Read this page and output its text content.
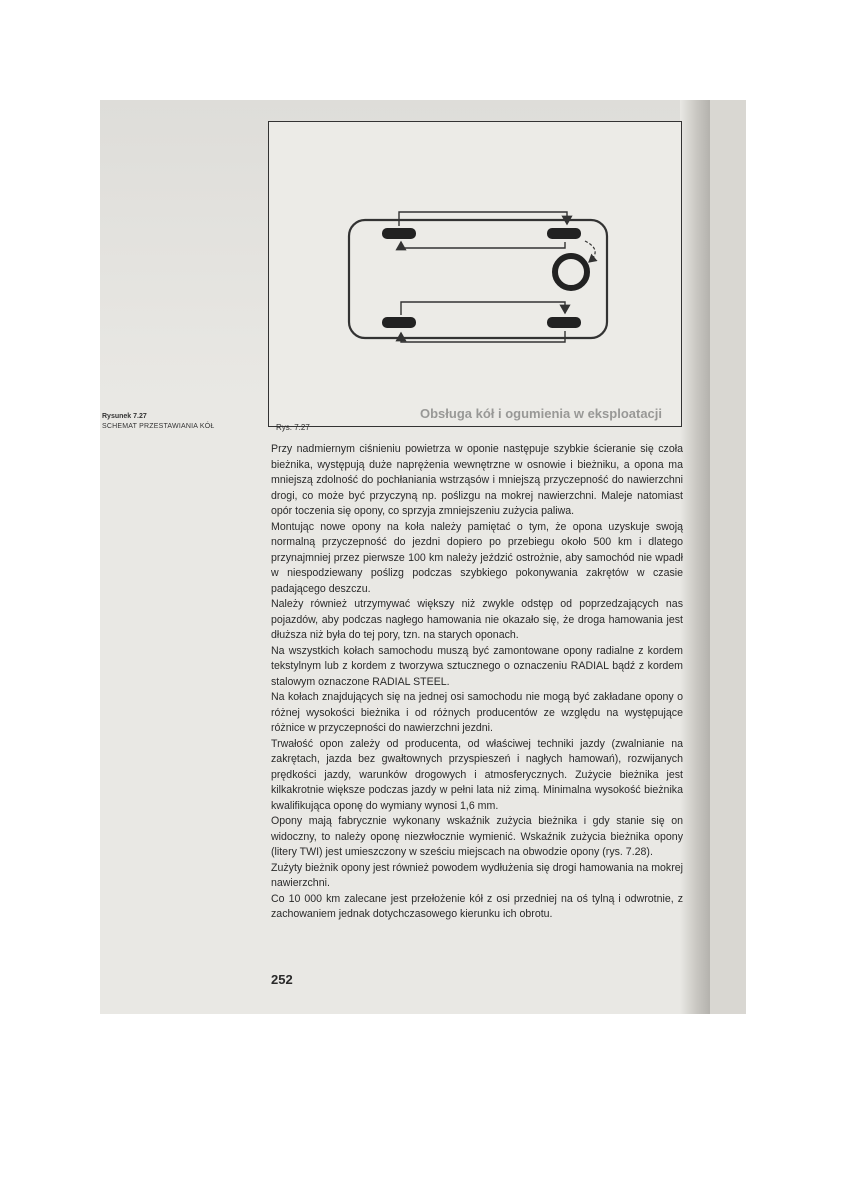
Rys. 7.27
Rysunek 7.27
SCHEMAT PRZESTAWIANIA KÓŁ
Obsługa kół i ogumienia w eksploatacji

Przy nadmiernym ciśnieniu powietrza w oponie następuje szybkie ścieranie się czoła bieżnika, występują duże naprężenia wewnętrzne w osnowie i bieżniku, a opona ma mniejszą zdolność do pochłaniania wstrząsów i mniejszą przyczepność do nawierzchni drogi, co może być przyczyną np. poślizgu na mokrej nawierzchni. Maleje natomiast opór toczenia się opony, co sprzyja zmniejszeniu zużycia paliwa.

Montując nowe opony na koła należy pamiętać o tym, że opona uzyskuje swoją normalną przyczepność do jezdni dopiero po przebiegu około 500 km i dlatego przynajmniej przez pierwsze 100 km należy jeździć ostrożnie, aby samochód nie wpadł w niespodziewany poślizg podczas szybkiego pokonywania zakrętów w czasie padającego deszczu.

Należy również utrzymywać większy niż zwykle odstęp od poprzedzających nas pojazdów, aby podczas nagłego hamowania nie okazało się, że droga hamowania jest dłuższa niż była do tej pory, tzn. na starych oponach.

Na wszystkich kołach samochodu muszą być zamontowane opony radialne z kordem tekstylnym lub z kordem z tworzywa sztucznego o oznaczeniu RADIAL bądź z kordem stalowym oznaczone RADIAL STEEL.

Na kołach znajdujących się na jednej osi samochodu nie mogą być zakładane opony o różnej wysokości bieżnika i od różnych producentów ze względu na występujące różnice w przyczepności do nawierzchni jezdni.

Trwałość opon zależy od producenta, od właściwej techniki jazdy (zwalnianie na zakrętach, jazda bez gwałtownych przyspieszeń i nagłych hamowań), rozwijanych prędkości jazdy, warunków drogowych i atmosferycznych. Zużycie bieżnika jest kilkakrotnie większe podczas jazdy w pełni lata niż zimą. Minimalna wysokość bieżnika kwalifikująca oponę do wymiany wynosi 1,6 mm.

Opony mają fabrycznie wykonany wskaźnik zużycia bieżnika i gdy stanie się on widoczny, to należy oponę niezwłocznie wymienić. Wskaźnik zużycia bieżnika opony (litery TWI) jest umieszczony w sześciu miejscach na obwodzie opony (rys. 7.28).

Zużyty bieżnik opony jest również powodem wydłużenia się drogi hamowania na mokrej nawierzchni.

Co 10 000 km zalecane jest przełożenie kół z osi przedniej na oś tylną i odwrotnie, z zachowaniem jednak dotychczasowego kierunku ich obrotu.

252
